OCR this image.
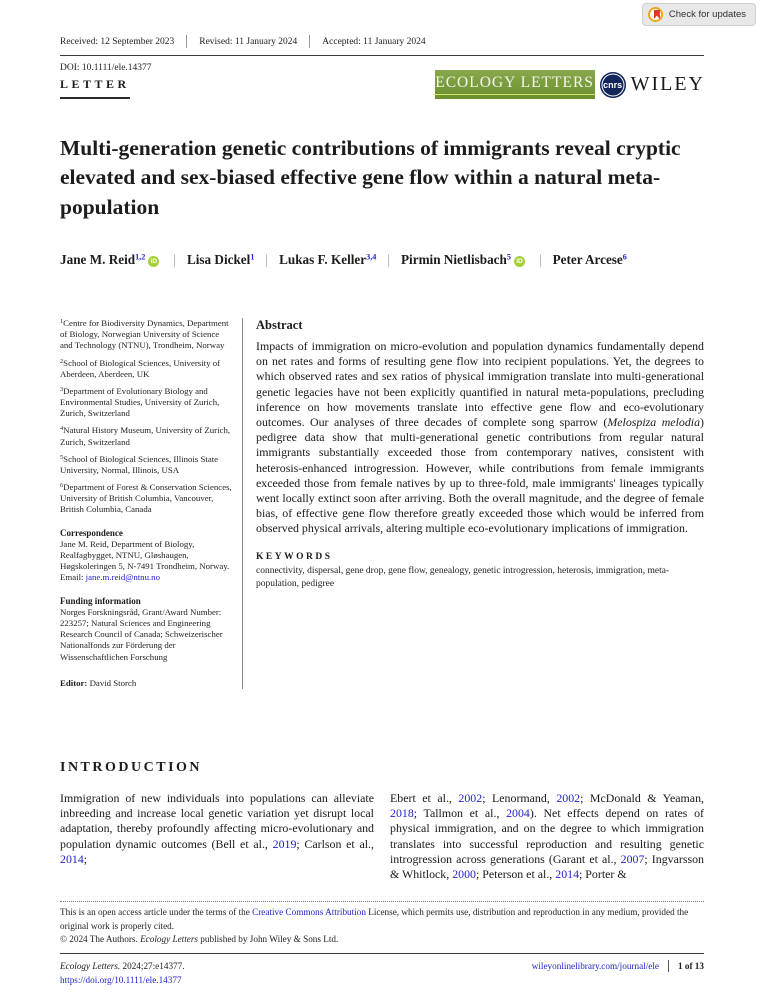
Check for updates
Received: 12 September 2023	Revised: 11 January 2024	Accepted: 11 January 2024
DOI: 10.1111/ele.14377
LETTER	ECOLOGY LETTERS	cnrs WILEY
Multi-generation genetic contributions of immigrants reveal cryptic elevated and sex-biased effective gene flow within a natural meta-population
Jane M. Reid$^{1,2}$ iD | Lisa Dickel$^1$ | Lukas F. Keller$^{3,4}$ | Pirmin Nietlisbach$^5$ iD | Peter Arcese$^6$
$^1$Centre for Biodiversity Dynamics, Department of Biology, Norwegian University of Science and Technology (NTNU), Trondheim, Norway
$^2$School of Biological Sciences, University of Aberdeen, Aberdeen, UK
$^3$Department of Evolutionary Biology and Environmental Studies, University of Zurich, Zurich, Switzerland
$^4$Natural History Museum, University of Zurich, Zurich, Switzerland
$^5$School of Biological Sciences, Illinois State University, Normal, Illinois, USA
$^6$Department of Forest & Conservation Sciences, University of British Columbia, Vancouver, British Columbia, Canada
Correspondence
Jane M. Reid, Department of Biology, Realfagbygget, NTNU, Gløshaugen, Høgskoleringen 5, N-7491 Trondheim, Norway.
Email: jane.m.reid@ntnu.no
Funding information
Norges Forskningsråd, Grant/Award Number: 223257; Natural Sciences and Engineering Research Council of Canada; Schweizerischer Nationalfonds zur Förderung der Wissenschaftlichen Forschung
Editor: David Storch
Abstract

Impacts of immigration on micro-evolution and population dynamics fundamentally depend on net rates and forms of resulting gene flow into recipient populations. Yet, the degrees to which observed rates and sex ratios of physical immigration translate into multi-generational genetic legacies have not been explicitly quantified in natural meta-populations, precluding inference on how movements translate into effective gene flow and eco-evolutionary outcomes. Our analyses of three decades of complete song sparrow (Melospiza melodia) pedigree data show that multi-generational genetic contributions from regular natural immigrants substantially exceeded those from contemporary natives, consistent with heterosis-enhanced introgression. However, while contributions from female immigrants exceeded those from female natives by up to three-fold, male immigrants' lineages typically went locally extinct soon after arriving. Both the overall magnitude, and the degree of female bias, of effective gene flow therefore greatly exceeded those which would be inferred from observed physical arrivals, altering multiple eco-evolutionary implications of immigration.

KEYWORDS
connectivity, dispersal, gene drop, gene flow, genealogy, genetic introgression, heterosis, immigration, meta-population, pedigree
INTRODUCTION

Immigration of new individuals into populations can alleviate inbreeding and increase local genetic variation yet disrupt local adaptation, thereby profoundly affecting micro-evolutionary and population dynamic outcomes (Bell et al., 2019; Carlson et al., 2014;

Ebert et al., 2002; Lenormand, 2002; McDonald & Yeaman, 2018; Tallmon et al., 2004). Net effects depend on rates of physical immigration, and on the degree to which immigration translates into successful reproduction and resulting genetic introgression across generations (Garant et al., 2007; Ingvarsson & Whitlock, 2000; Peterson et al., 2014; Porter &

This is an open access article under the terms of the Creative Commons Attribution License, which permits use, distribution and reproduction in any medium, provided the original work is properly cited.

© 2024 The Authors. Ecology Letters published by John Wiley & Sons Ltd.

Ecology Letters. 2024;27:e14377.
https://doi.org/10.1111/ele.14377
wileyonlinelibrary.com/journal/ele 1 of 13
